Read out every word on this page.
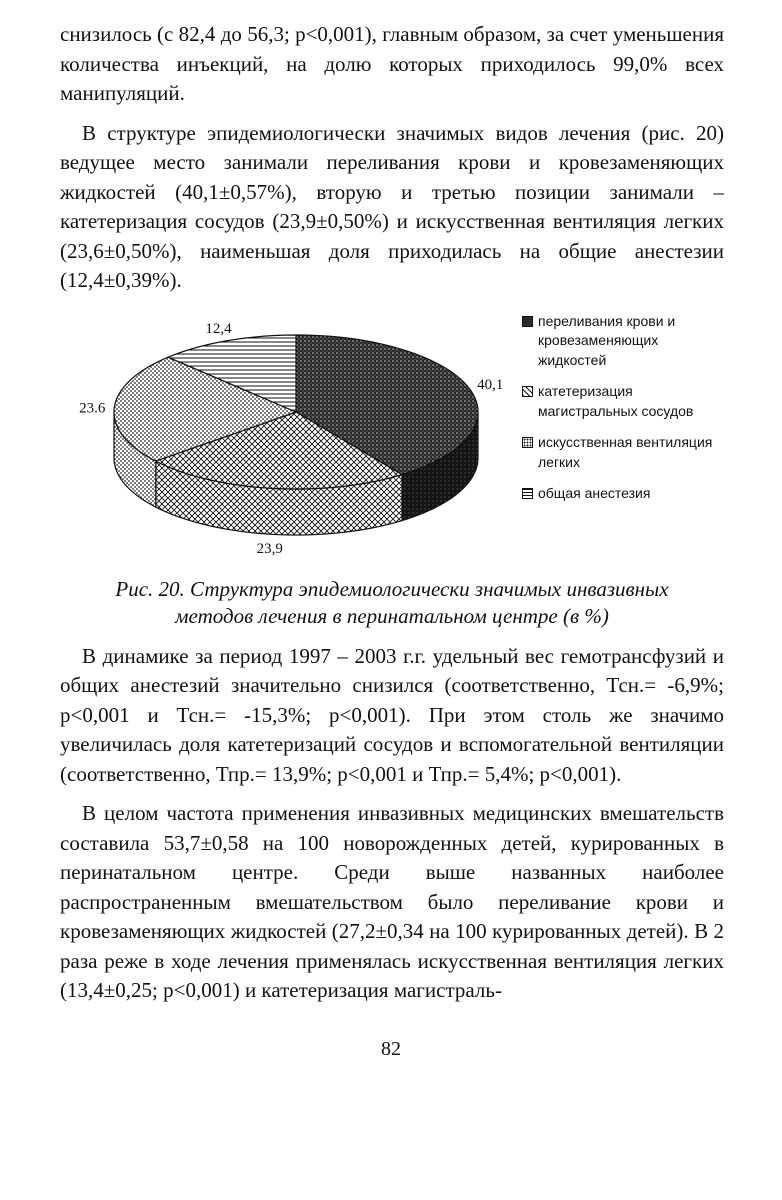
снизилось (с 82,4 до 56,3; p<0,001), главным образом, за счет уменьшения количества инъекций, на долю которых приходилось 99,0% всех манипуляций.

В структуре эпидемиологически значимых видов лечения (рис. 20) ведущее место занимали переливания крови и кровезаменяющих жидкостей (40,1±0,57%), вторую и третью позиции занимали – катетеризация сосудов (23,9±0,50%) и искусственная вентиляция легких (23,6±0,50%), наименьшая доля приходилась на общие анестезии (12,4±0,39%).

40,1
23,9
23.6
12,4	переливания крови и кровезаменяющих жидкостей
катетеризация магистральных сосудов
искусственная вентиляция легких
общая анестезия
Рис. 20. Структура эпидемиологически значимых инвазивных
методов лечения в перинатальном центре (в %)

В динамике за период 1997 – 2003 г.г. удельный вес гемотрансфузий и общих анестезий значительно снизился (соответственно, Тсн.= -6,9%; p<0,001 и Тсн.= -15,3%; p<0,001). При этом столь же значимо увеличилась доля катетеризаций сосудов и вспомогательной вентиляции (соответственно, Тпр.= 13,9%; p<0,001 и Тпр.= 5,4%; p<0,001).

В целом частота применения инвазивных медицинских вмешательств составила 53,7±0,58 на 100 новорожденных детей, курированных в перинатальном центре. Среди выше названных наиболее распространенным вмешательством было переливание крови и кровезаменяющих жидкостей (27,2±0,34 на 100 курированных детей). В 2 раза реже в ходе лечения применялась искусственная вентиляция легких (13,4±0,25; p<0,001) и катетеризация магистраль-

82
